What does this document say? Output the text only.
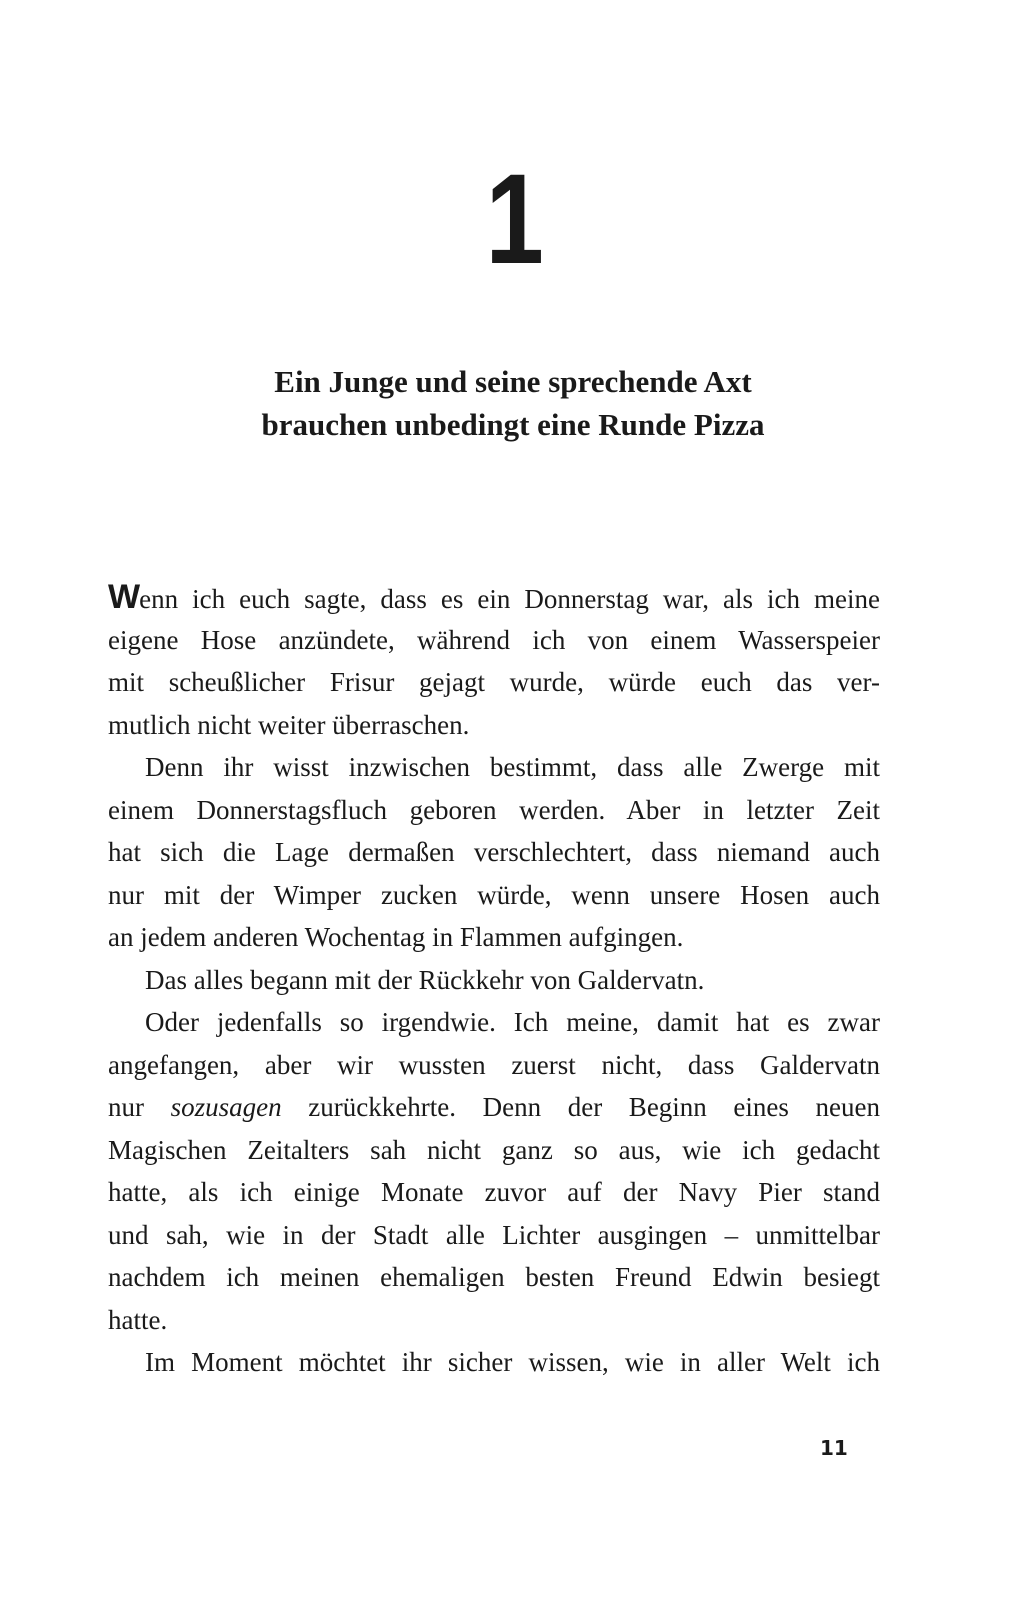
1
Ein Junge und seine sprechende Axt
brauchen unbedingt eine Runde Pizza
Wenn ich euch sagte, dass es ein Donnerstag war, als ich meine
eigene Hose anzündete, während ich von einem Wasserspeier
mit scheußlicher Frisur gejagt wurde, würde euch das ver-
mutlich nicht weiter überraschen.
Denn ihr wisst inzwischen bestimmt, dass alle Zwerge mit
einem Donnerstagsfluch geboren werden. Aber in letzter Zeit
hat sich die Lage dermaßen verschlechtert, dass niemand auch
nur mit der Wimper zucken würde, wenn unsere Hosen auch
an jedem anderen Wochentag in Flammen aufgingen.
Das alles begann mit der Rückkehr von Galdervatn.
Oder jedenfalls so irgendwie. Ich meine, damit hat es zwar
angefangen, aber wir wussten zuerst nicht, dass Galdervatn
nur sozusagen zurückkehrte. Denn der Beginn eines neuen
Magischen Zeitalters sah nicht ganz so aus, wie ich gedacht
hatte, als ich einige Monate zuvor auf der Navy Pier stand
und sah, wie in der Stadt alle Lichter ausgingen – unmittelbar
nachdem ich meinen ehemaligen besten Freund Edwin besiegt
hatte.
Im Moment möchtet ihr sicher wissen, wie in aller Welt ich
11
